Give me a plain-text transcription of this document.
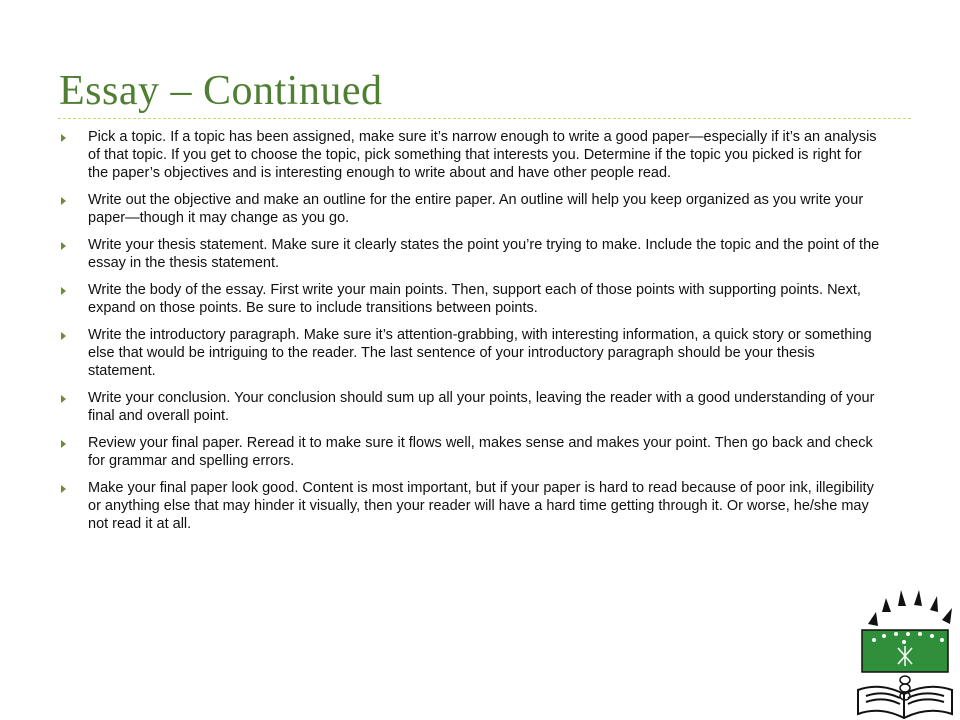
Essay – Continued
Pick a topic. If a topic has been assigned, make sure it’s narrow enough to write a good paper—especially if it’s an analysis of that topic. If you get to choose the topic, pick something that interests you. Determine if the topic you picked is right for the paper’s objectives and is interesting enough to write about and have other people read.
Write out the objective and make an outline for the entire paper. An outline will help you keep organized as you write your paper—though it may change as you go.
Write your thesis statement. Make sure it clearly states the point you’re trying to make. Include the topic and the point of the essay in the thesis statement.
Write the body of the essay. First write your main points. Then, support each of those points with supporting points. Next, expand on those points. Be sure to include transitions between points.
Write the introductory paragraph. Make sure it’s attention-grabbing, with interesting information, a quick story or something else that would be intriguing to the reader. The last sentence of your introductory paragraph should be your thesis statement.
Write your conclusion. Your conclusion should sum up all your points, leaving the reader with a good understanding of your final and overall point.
Review your final paper. Reread it to make sure it flows well, makes sense and makes your point. Then go back and check for grammar and spelling errors.
Make your final paper look good. Content is most important, but if your paper is hard to read because of poor ink, illegibility or anything else that may hinder it visually, then your reader will have a hard time getting through it. Or worse, he/she may not read it at all.
